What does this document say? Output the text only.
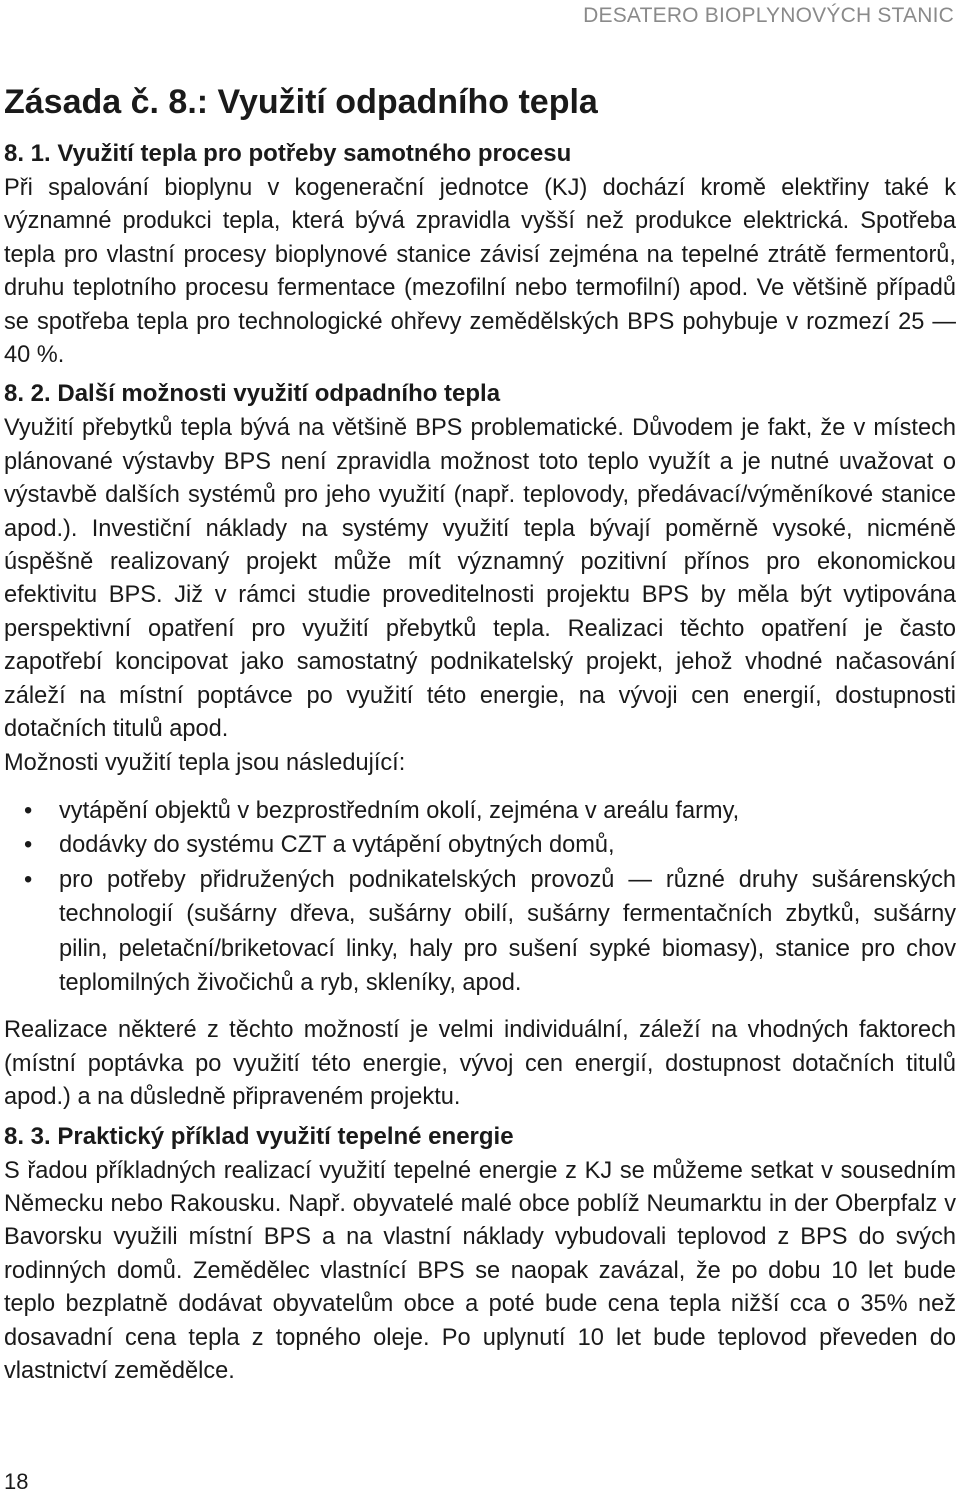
DESATERO BIOPLYNOVÝCH STANIC
Zásada č. 8.: Využití odpadního tepla
8. 1. Využití tepla pro potřeby samotného procesu

Při spalování bioplynu v kogenerační jednotce (KJ) dochází kromě elektřiny také k významné produkci tepla, která bývá zpravidla vyšší než produkce elektrická. Spotřeba tepla pro vlastní procesy bioplynové stanice závisí zejména na tepelné ztrátě fermentorů, druhu teplotního procesu fermentace (mezofilní nebo termofilní) apod. Ve většině případů se spotřeba tepla pro technologické ohřevy zemědělských BPS pohybuje v rozmezí 25 — 40 %.

8. 2. Další možnosti využití odpadního tepla

Využití přebytků tepla bývá na většině BPS problematické. Důvodem je fakt, že v místech plánované výstavby BPS není zpravidla možnost toto teplo využít a je nutné uvažovat o výstavbě dalších systémů pro jeho využití (např. teplovody, předávací/výměníkové stanice apod.). Investiční náklady na systémy využití tepla bývají poměrně vysoké, nicméně úspěšně realizovaný projekt může mít významný pozitivní přínos pro ekonomickou efektivitu BPS. Již v rámci studie proveditelnosti projektu BPS by měla být vytipována perspektivní opatření pro využití přebytků tepla. Realizaci těchto opatření je často zapotřebí koncipovat jako samostatný podnikatelský projekt, jehož vhodné načasování záleží na místní poptávce po využití této energie, na vývoji cen energií, dostupnosti dotačních titulů apod.

Možnosti využití tepla jsou následující:

• vytápění objektů v bezprostředním okolí, zejména v areálu farmy,
• dodávky do systému CZT a vytápění obytných domů,
• pro potřeby přidružených podnikatelských provozů — různé druhy sušárenských technologií (sušárny dřeva, sušárny obilí, sušárny fermentačních zbytků, sušárny pilin, peletační/briketovací linky, haly pro sušení sypké biomasy), stanice pro chov teplomilných živočichů a ryb, skleníky, apod.

Realizace některé z těchto možností je velmi individuální, záleží na vhodných faktorech (místní poptávka po využití této energie, vývoj cen energií, dostupnost dotačních titulů apod.) a na důsledně připraveném projektu.

8. 3. Praktický příklad využití tepelné energie

S řadou příkladných realizací využití tepelné energie z KJ se můžeme setkat v sousedním Německu nebo Rakousku. Např. obyvatelé malé obce poblíž Neumarktu in der Oberpfalz v Bavorsku využili místní BPS a na vlastní náklady vybudovali teplovod z BPS do svých rodinných domů. Zemědělec vlastnící BPS se naopak zavázal, že po dobu 10 let bude teplo bezplatně dodávat obyvatelům obce a poté bude cena tepla nižší cca o 35% než dosavadní cena tepla z topného oleje. Po uplynutí 10 let bude teplovod převeden do vlastnictví zemědělce.

18
